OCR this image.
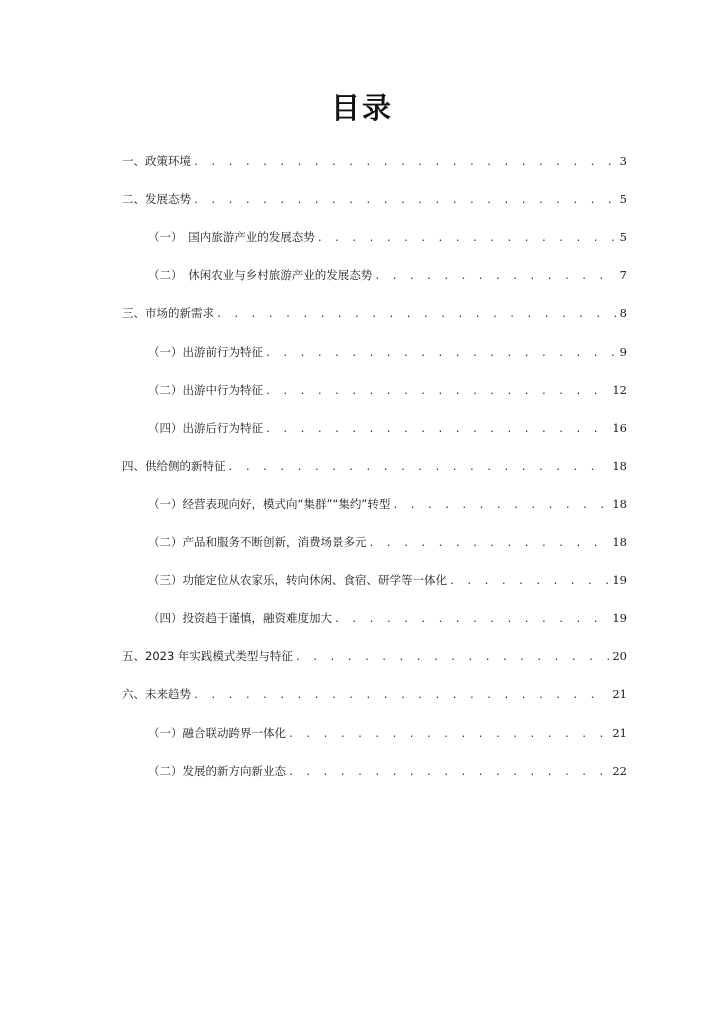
目录
一、政策环境 . . .	3
二、发展态势 . . .	5
（一）　国内旅游产业的发展态势 . . .	5
（二）　休闲农业与乡村旅游产业的发展态势 . . .	7
三、市场的新需求 . . .	8
（一）出游前行为特征 . . .	9
（二）出游中行为特征 . . .	12
（四）出游后行为特征 . . .	16
四、供给侧的新特征 . . .	18
（一）经营表现向好，模式向“集群”“集约”转型 . . .	18
（二）产品和服务不断创新，消费场景多元 . . .	18
（三）功能定位从农家乐，转向休闲、食宿、研学等一体化 . . .	19
（四）投资趋于谨慎，融资难度加大 . . .	19
五、2023 年实践模式类型与特征 . . .	20
六、未来趋势 . . .	21
（一）融合联动跨界一体化 . . .	21
（二）发展的新方向新业态 . . .	22
